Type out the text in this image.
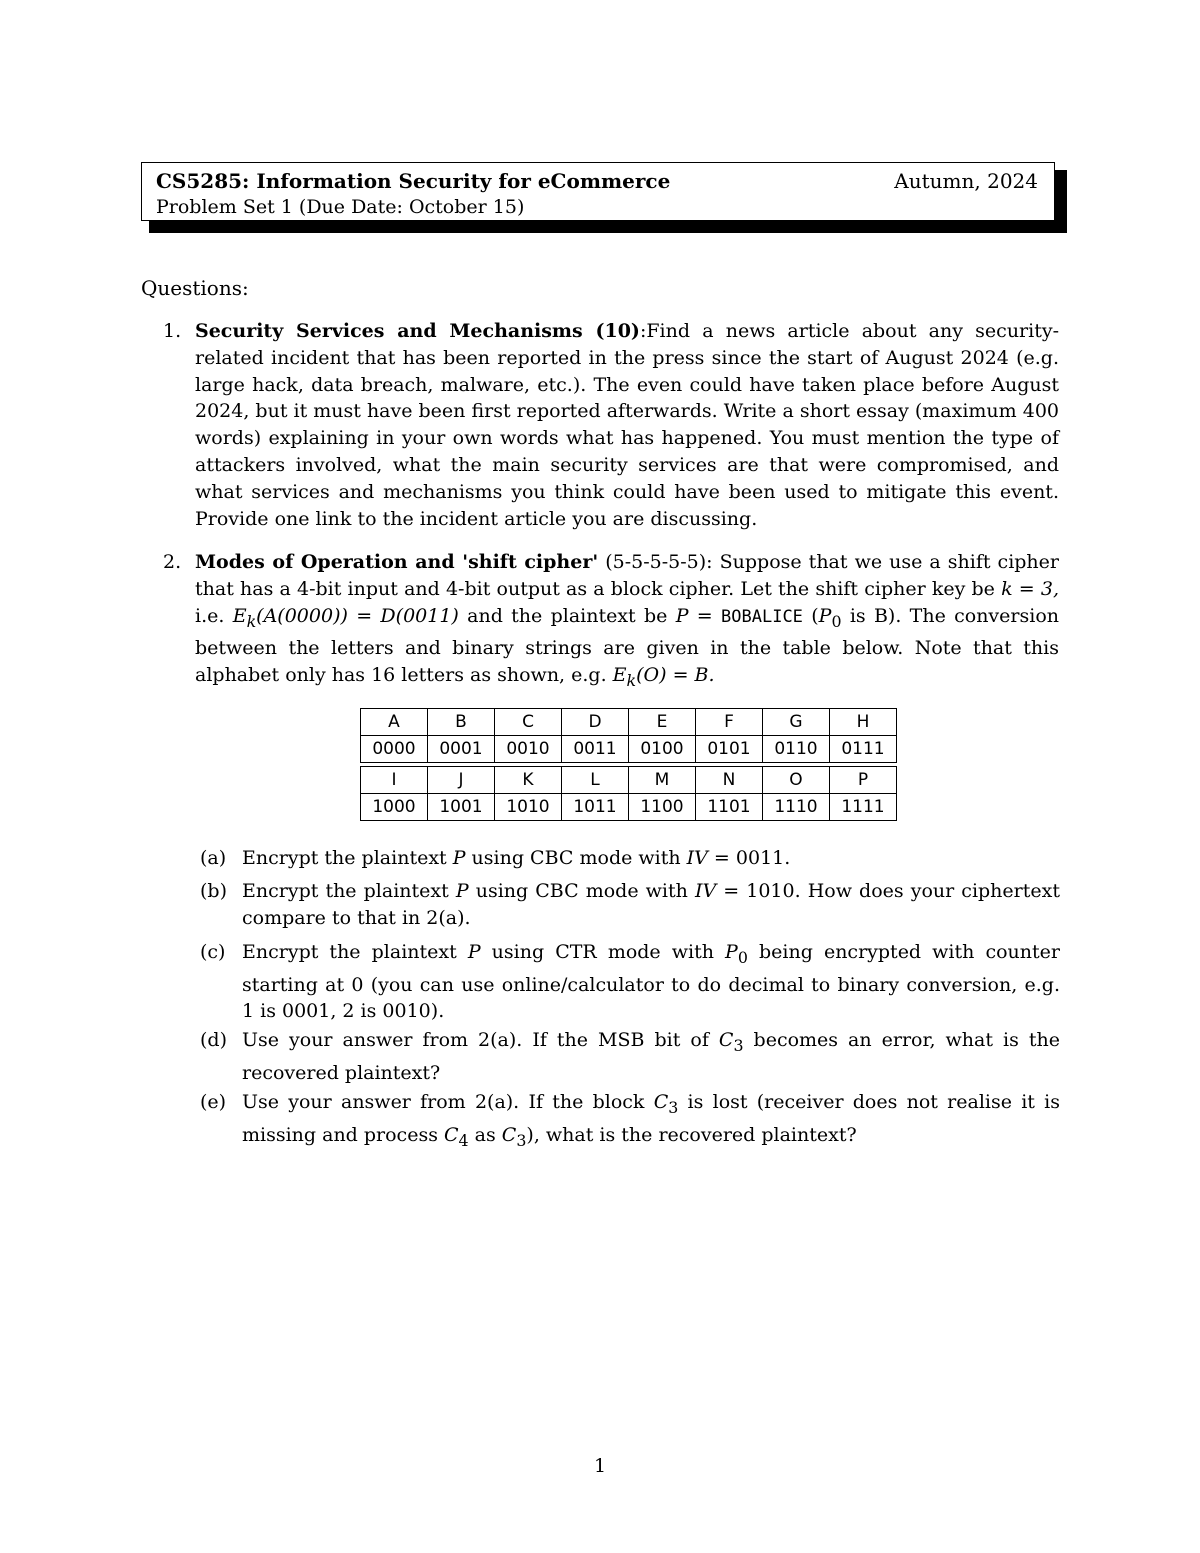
CS5285: Information Security for eCommerce	Autumn, 2024
Problem Set 1 (Due Date: October 15)
Questions:
1. Security Services and Mechanisms (10):Find a news article about any security-related incident that has been reported in the press since the start of August 2024 (e.g. large hack, data breach, malware, etc.). The even could have taken place before August 2024, but it must have been first reported afterwards. Write a short essay (maximum 400 words) explaining in your own words what has happened. You must mention the type of attackers involved, what the main security services are that were compromised, and what services and mechanisms you think could have been used to mitigate this event. Provide one link to the incident article you are discussing.
2. Modes of Operation and 'shift cipher' (5-5-5-5-5): Suppose that we use a shift cipher that has a 4-bit input and 4-bit output as a block cipher. Let the shift cipher key be k = 3, i.e. $E_k(A(0000)) = D(0011)$ and the plaintext be P = BOBALICE ($P_0$ is B). The conversion between the letters and binary strings are given in the table below. Note that this alphabet only has 16 letters as shown, e.g. $E_k(O) = B$.
A	B	C	D	E	F	G	H
0000	0001	0010	0011	0100	0101	0110	0111

I	J	K	L	M	N	O	P
1000	1001	1010	1011	1100	1101	1110	1111
(a) Encrypt the plaintext P using CBC mode with IV = 0011.
(b) Encrypt the plaintext P using CBC mode with IV = 1010. How does your ciphertext compare to that in 2(a).
(c) Encrypt the plaintext P using CTR mode with $P_0$ being encrypted with counter starting at 0 (you can use online/calculator to do decimal to binary conversion, e.g. 1 is 0001, 2 is 0010).
(d) Use your answer from 2(a). If the MSB bit of $C_3$ becomes an error, what is the recovered plaintext?
(e) Use your answer from 2(a). If the block $C_3$ is lost (receiver does not realise it is missing and process $C_4$ as $C_3$), what is the recovered plaintext?
1
